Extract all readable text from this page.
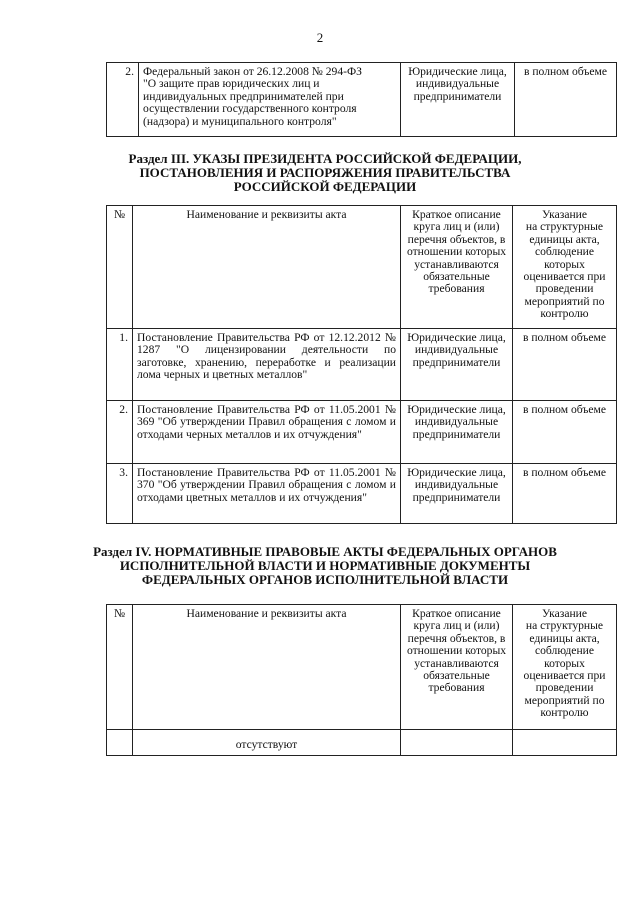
2
2.	Федеральный закон от 26.12.2008 № 294-ФЗ
"О защите прав юридических лиц и индивидуальных предпринимателей при осуществлении государственного контроля (надзора) и муниципального контроля"	Юридические лица, индивидуальные предприниматели	в полном объеме
Раздел III. УКАЗЫ ПРЕЗИДЕНТА РОССИЙСКОЙ ФЕДЕРАЦИИ,
ПОСТАНОВЛЕНИЯ И РАСПОРЯЖЕНИЯ ПРАВИТЕЛЬСТВА
РОССИЙСКОЙ ФЕДЕРАЦИИ
№	Наименование и реквизиты акта	Краткое описание круга лиц и (или) перечня объектов, в отношении которых устанавливаются обязательные требования	Указание
на структурные единицы акта, соблюдение которых оценивается при проведении мероприятий по контролю
1.	Постановление Правительства РФ от 12.12.2012 № 1287 "О лицензировании деятельности по заготовке, хранению, переработке и реализации лома черных и цветных металлов"	Юридические лица, индивидуальные предприниматели	в полном объеме
2.	Постановление Правительства РФ от 11.05.2001 № 369 "Об утверждении Правил обращения с ломом и отходами черных металлов и их отчуждения"	Юридические лица, индивидуальные предприниматели	в полном объеме
3.	Постановление Правительства РФ от 11.05.2001 № 370 "Об утверждении Правил обращения с ломом и отходами цветных металлов и их отчуждения"	Юридические лица, индивидуальные предприниматели	в полном объеме
Раздел IV. НОРМАТИВНЫЕ ПРАВОВЫЕ АКТЫ ФЕДЕРАЛЬНЫХ ОРГАНОВ
ИСПОЛНИТЕЛЬНОЙ ВЛАСТИ И НОРМАТИВНЫЕ ДОКУМЕНТЫ
ФЕДЕРАЛЬНЫХ ОРГАНОВ ИСПОЛНИТЕЛЬНОЙ ВЛАСТИ
№	Наименование и реквизиты акта	Краткое описание круга лиц и (или) перечня объектов, в отношении которых устанавливаются обязательные требования	Указание
на структурные единицы акта, соблюдение которых оценивается при проведении мероприятий по контролю
	отсутствуют		
